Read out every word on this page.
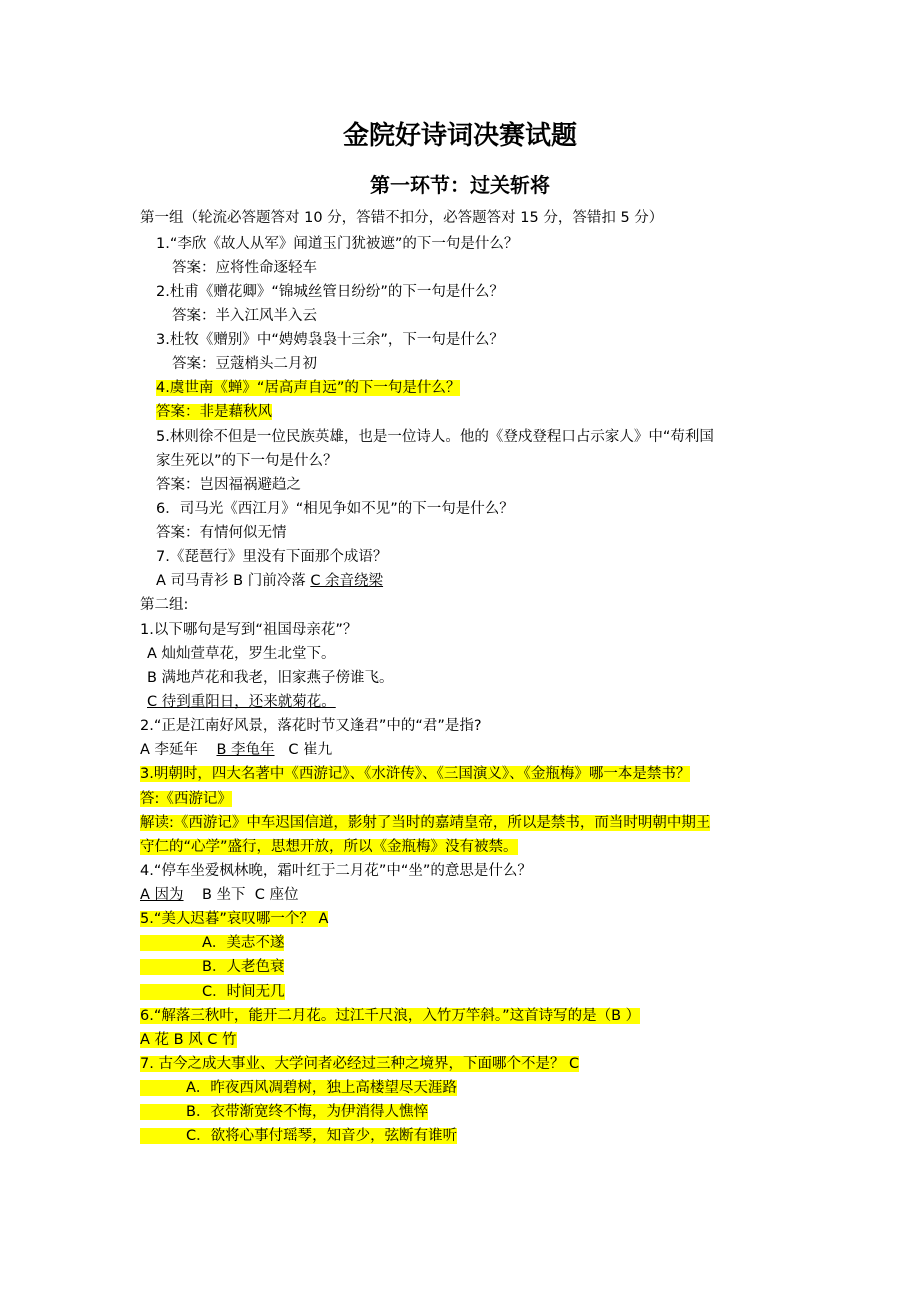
金院好诗词决赛试题
第一环节：过关斩将
第一组（轮流必答题答对 10 分，答错不扣分，必答题答对 15 分，答错扣 5 分）
1.“李欣《故人从军》闻道玉门犹被遮”的下一句是什么？
答案：应将性命逐轻车
2.杜甫《赠花卿》“锦城丝管日纷纷”的下一句是什么？
答案：半入江风半入云
3.杜牧《赠别》中“娉娉袅袅十三余”，下一句是什么？
答案：豆蔻梢头二月初
4.虞世南《蝉》“居高声自远”的下一句是什么？
答案：非是藉秋风
5.林则徐不但是一位民族英雄，也是一位诗人。他的《登戍登程口占示家人》中“苟利国
家生死以”的下一句是什么？
答案：岂因福祸避趋之
6．司马光《西江月》“相见争如不见”的下一句是什么？
答案：有情何似无情
7.《琵琶行》里没有下面那个成语？
A 司马青衫 B 门前冷落 C 余音绕梁
第二组:
1.以下哪句是写到“祖国母亲花”？
A 灿灿萱草花，罗生北堂下。
B 满地芦花和我老，旧家燕子傍谁飞。
C 待到重阳日，还来就菊花。
2.“正是江南好风景，落花时节又逢君”中的“君”是指?
A 李延年 B 李龟年 C 崔九
3.明朝时，四大名著中《西游记》、《水浒传》、《三国演义》、《金瓶梅》哪一本是禁书？
答:《西游记》
解读:《西游记》中车迟国信道，影射了当时的嘉靖皇帝，所以是禁书，而当时明朝中期王
守仁的“心学”盛行，思想开放，所以《金瓶梅》没有被禁。
4.“停车坐爱枫林晚，霜叶红于二月花”中“坐”的意思是什么？
A 因为 B 坐下 C 座位
5.“美人迟暮”哀叹哪一个？ A
A．美志不遂
B．人老色衰
C．时间无几
6.“解落三秋叶，能开二月花。过江千尺浪，入竹万竿斜。”这首诗写的是（B ）
A 花 B 风 C 竹
7. 古今之成大事业、大学问者必经过三种之境界，下面哪个不是？ C
A．昨夜西风凋碧树，独上高楼望尽天涯路
B．衣带渐宽终不悔，为伊消得人憔悴
C．欲将心事付瑶琴，知音少，弦断有谁听
